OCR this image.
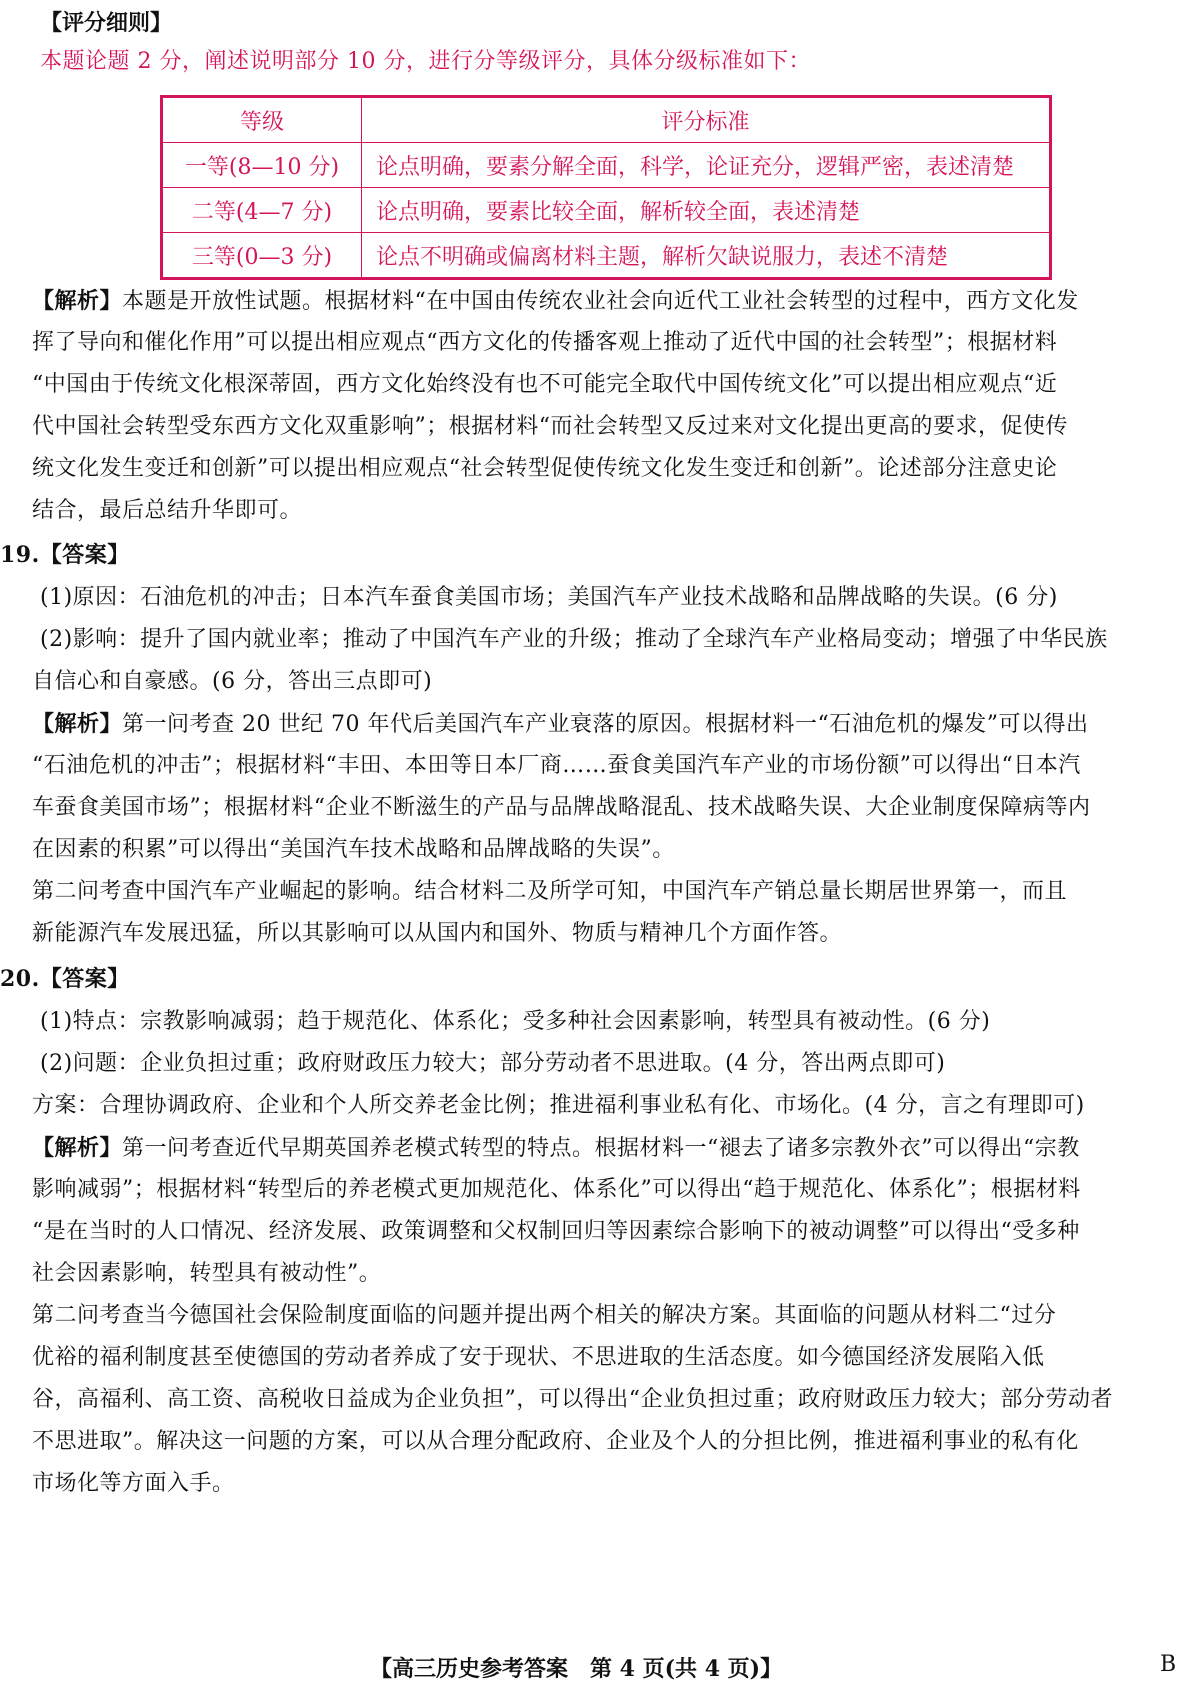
【评分细则】
本题论题 2 分，阐述说明部分 10 分，进行分等级评分，具体分级标准如下：
等级	评分标准
一等(8—10 分)	论点明确，要素分解全面，科学，论证充分，逻辑严密，表述清楚
二等(4—7 分)	论点明确，要素比较全面，解析较全面，表述清楚
三等(0—3 分)	论点不明确或偏离材料主题，解析欠缺说服力，表述不清楚
【解析】本题是开放性试题。根据材料“在中国由传统农业社会向近代工业社会转型的过程中，西方文化发
挥了导向和催化作用”可以提出相应观点“西方文化的传播客观上推动了近代中国的社会转型”；根据材料
“中国由于传统文化根深蒂固，西方文化始终没有也不可能完全取代中国传统文化”可以提出相应观点“近
代中国社会转型受东西方文化双重影响”；根据材料“而社会转型又反过来对文化提出更高的要求，促使传
统文化发生变迁和创新”可以提出相应观点“社会转型促使传统文化发生变迁和创新”。论述部分注意史论
结合，最后总结升华即可。
19.【答案】
(1)原因：石油危机的冲击；日本汽车蚕食美国市场；美国汽车产业技术战略和品牌战略的失误。(6 分)
(2)影响：提升了国内就业率；推动了中国汽车产业的升级；推动了全球汽车产业格局变动；增强了中华民族
自信心和自豪感。(6 分，答出三点即可)
【解析】第一问考查 20 世纪 70 年代后美国汽车产业衰落的原因。根据材料一“石油危机的爆发”可以得出
“石油危机的冲击”；根据材料“丰田、本田等日本厂商……蚕食美国汽车产业的市场份额”可以得出“日本汽
车蚕食美国市场”；根据材料“企业不断滋生的产品与品牌战略混乱、技术战略失误、大企业制度保障病等内
在因素的积累”可以得出“美国汽车技术战略和品牌战略的失误”。
第二问考查中国汽车产业崛起的影响。结合材料二及所学可知，中国汽车产销总量长期居世界第一，而且
新能源汽车发展迅猛，所以其影响可以从国内和国外、物质与精神几个方面作答。
20.【答案】
(1)特点：宗教影响减弱；趋于规范化、体系化；受多种社会因素影响，转型具有被动性。(6 分)
(2)问题：企业负担过重；政府财政压力较大；部分劳动者不思进取。(4 分，答出两点即可)
方案：合理协调政府、企业和个人所交养老金比例；推进福利事业私有化、市场化。(4 分，言之有理即可)
【解析】第一问考查近代早期英国养老模式转型的特点。根据材料一“褪去了诸多宗教外衣”可以得出“宗教
影响减弱”；根据材料“转型后的养老模式更加规范化、体系化”可以得出“趋于规范化、体系化”；根据材料
“是在当时的人口情况、经济发展、政策调整和父权制回归等因素综合影响下的被动调整”可以得出“受多种
社会因素影响，转型具有被动性”。
第二问考查当今德国社会保险制度面临的问题并提出两个相关的解决方案。其面临的问题从材料二“过分
优裕的福利制度甚至使德国的劳动者养成了安于现状、不思进取的生活态度。如今德国经济发展陷入低
谷，高福利、高工资、高税收日益成为企业负担”，可以得出“企业负担过重；政府财政压力较大；部分劳动者
不思进取”。解决这一问题的方案，可以从合理分配政府、企业及个人的分担比例，推进福利事业的私有化
市场化等方面入手。
【高三历史参考答案　第 4 页(共 4 页)】	B
